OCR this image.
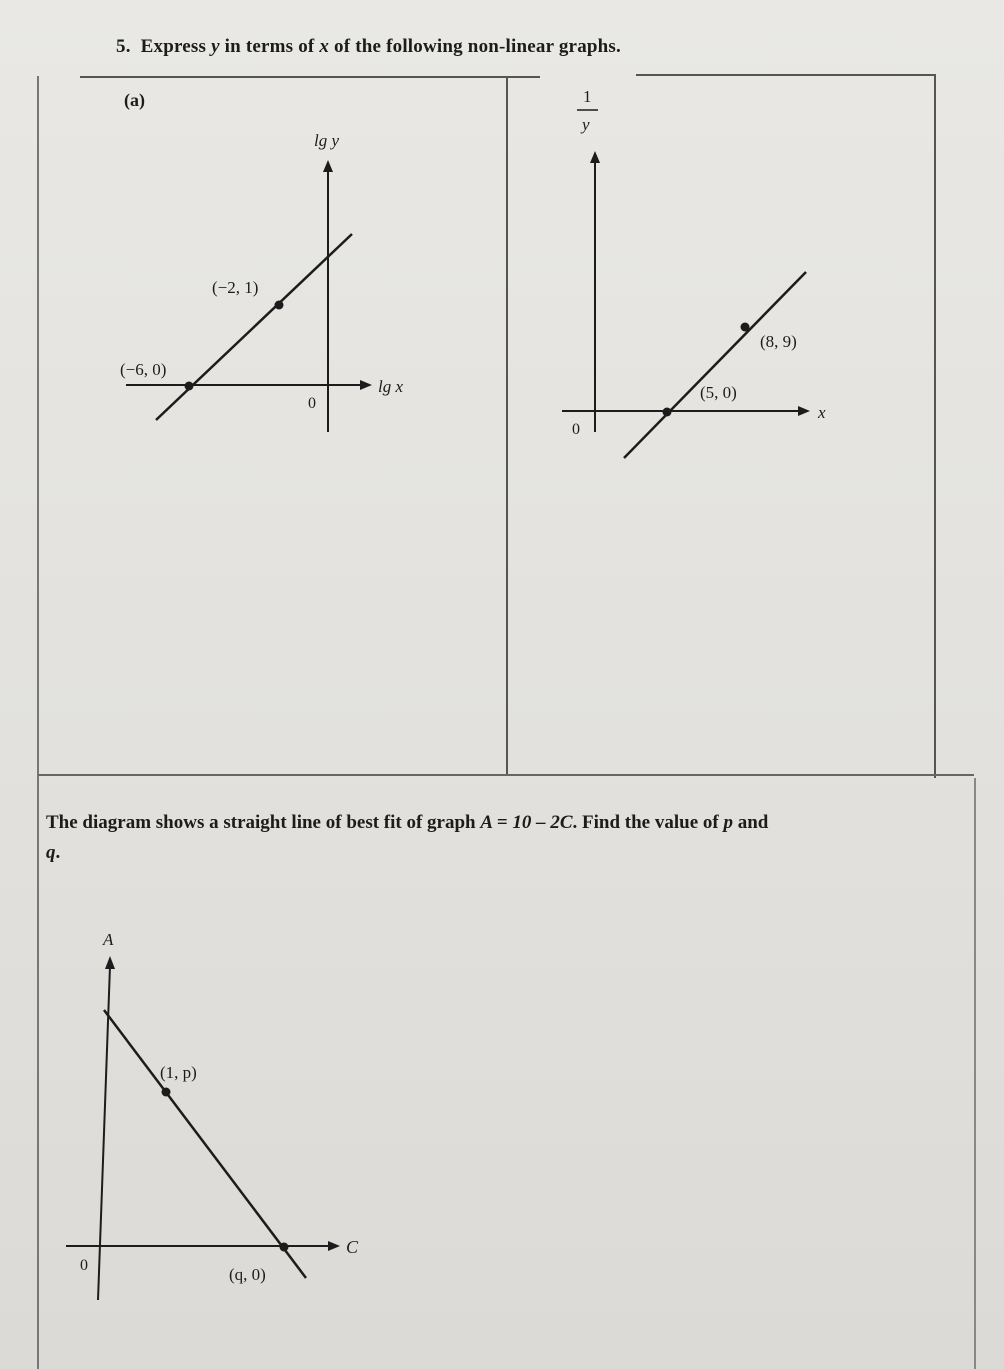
5. Express y in terms of x of the following non-linear graphs.
(a)
lg y
lg x
0
(−2, 1)
(−6, 0)
1
y
x
0
(8, 9)
(5, 0)
The diagram shows a straight line of best fit of graph A = 10 – 2C. Find the value of p and
q.
A
C
0
(1, p)
(q, 0)
